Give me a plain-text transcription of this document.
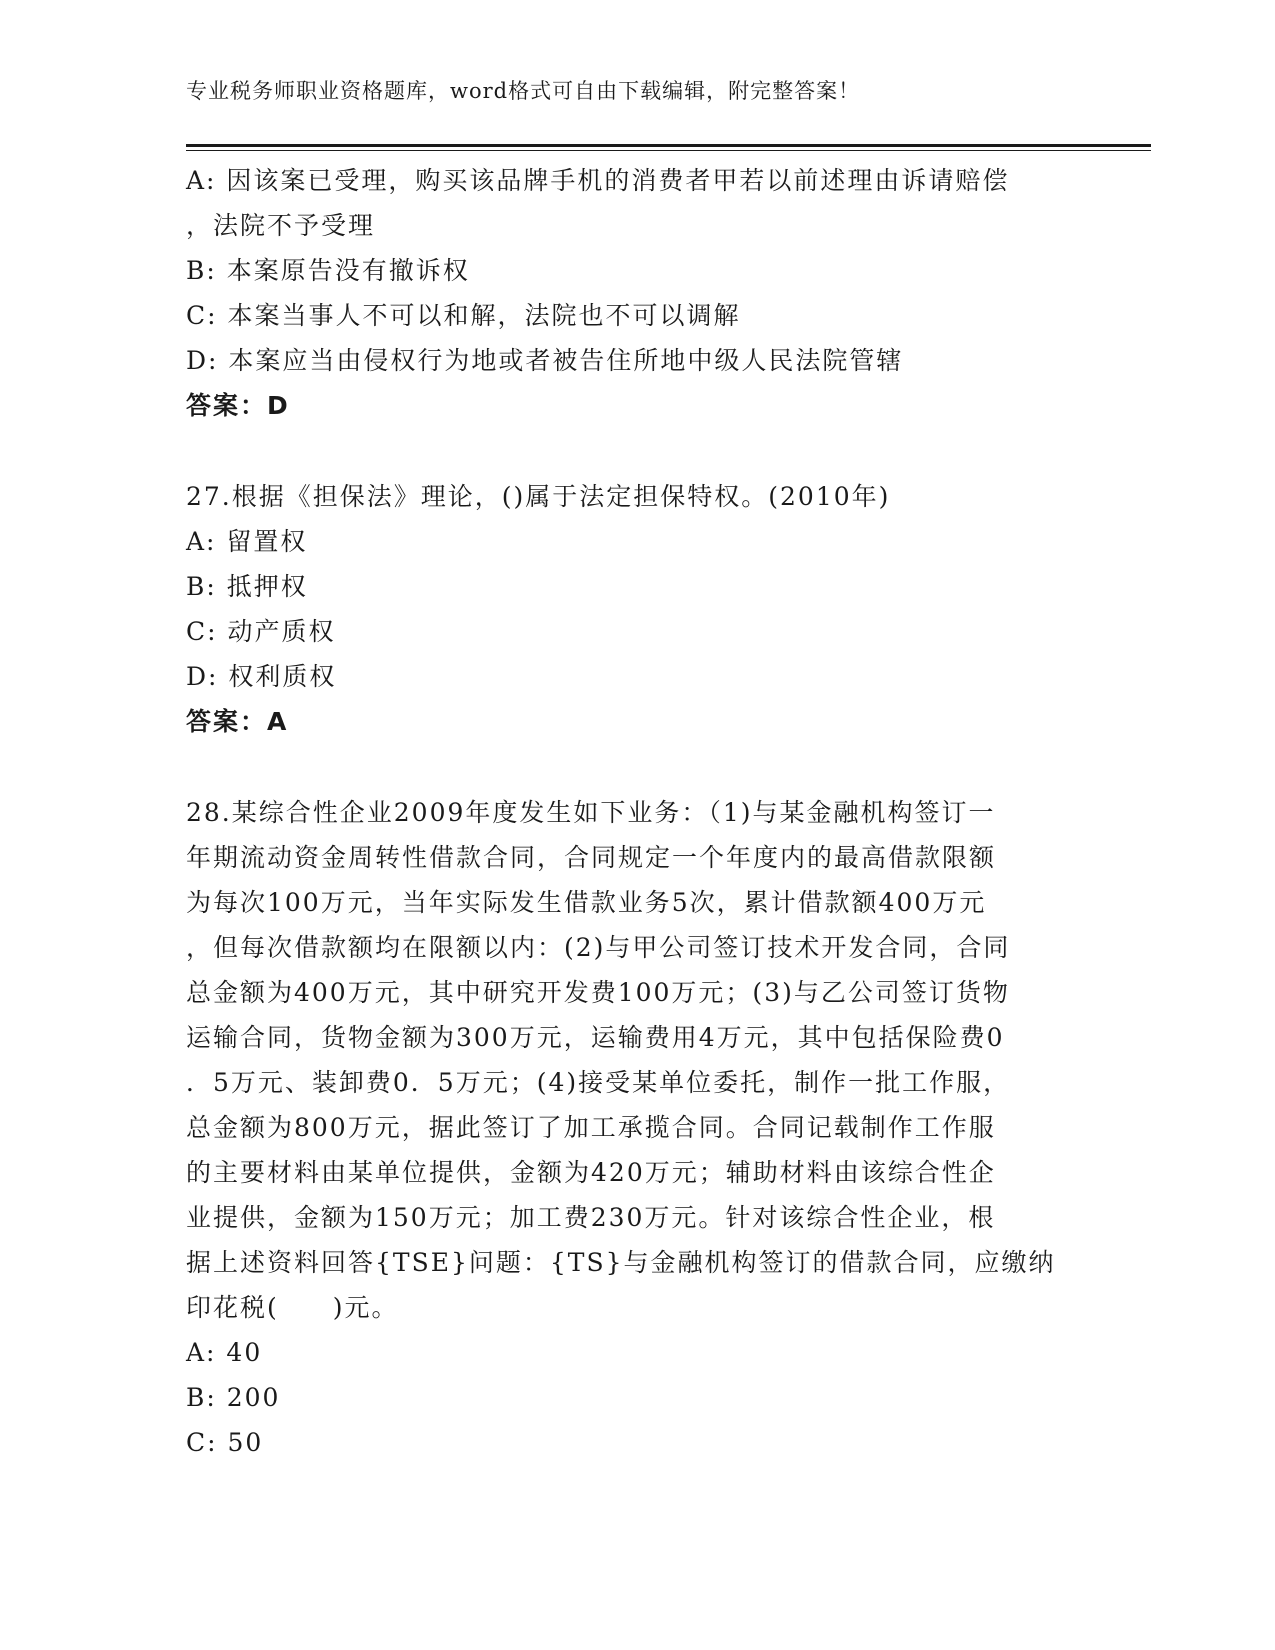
专业税务师职业资格题库，word格式可自由下载编辑，附完整答案！
A: 因该案已受理，购买该品牌手机的消费者甲若以前述理由诉请赔偿
，法院不予受理
B: 本案原告没有撤诉权
C: 本案当事人不可以和解，法院也不可以调解
D: 本案应当由侵权行为地或者被告住所地中级人民法院管辖
答案：D
27.根据《担保法》理论，()属于法定担保特权。(2010年)
A: 留置权
B: 抵押权
C: 动产质权
D: 权利质权
答案：A
28.某综合性企业2009年度发生如下业务：（1)与某金融机构签订一
年期流动资金周转性借款合同，合同规定一个年度内的最高借款限额
为每次100万元，当年实际发生借款业务5次，累计借款额400万元
，但每次借款额均在限额以内：(2)与甲公司签订技术开发合同，合同
总金额为400万元，其中研究开发费100万元；(3)与乙公司签订货物
运输合同，货物金额为300万元，运输费用4万元，其中包括保险费0
．5万元、装卸费0．5万元；(4)接受某单位委托，制作一批工作服，
总金额为800万元，据此签订了加工承揽合同。合同记载制作工作服
的主要材料由某单位提供，金额为420万元；辅助材料由该综合性企
业提供，金额为150万元；加工费230万元。针对该综合性企业，根
据上述资料回答{TSE}问题：{TS}与金融机构签订的借款合同，应缴纳
印花税(　　)元。
A: 40
B: 200
C: 50
